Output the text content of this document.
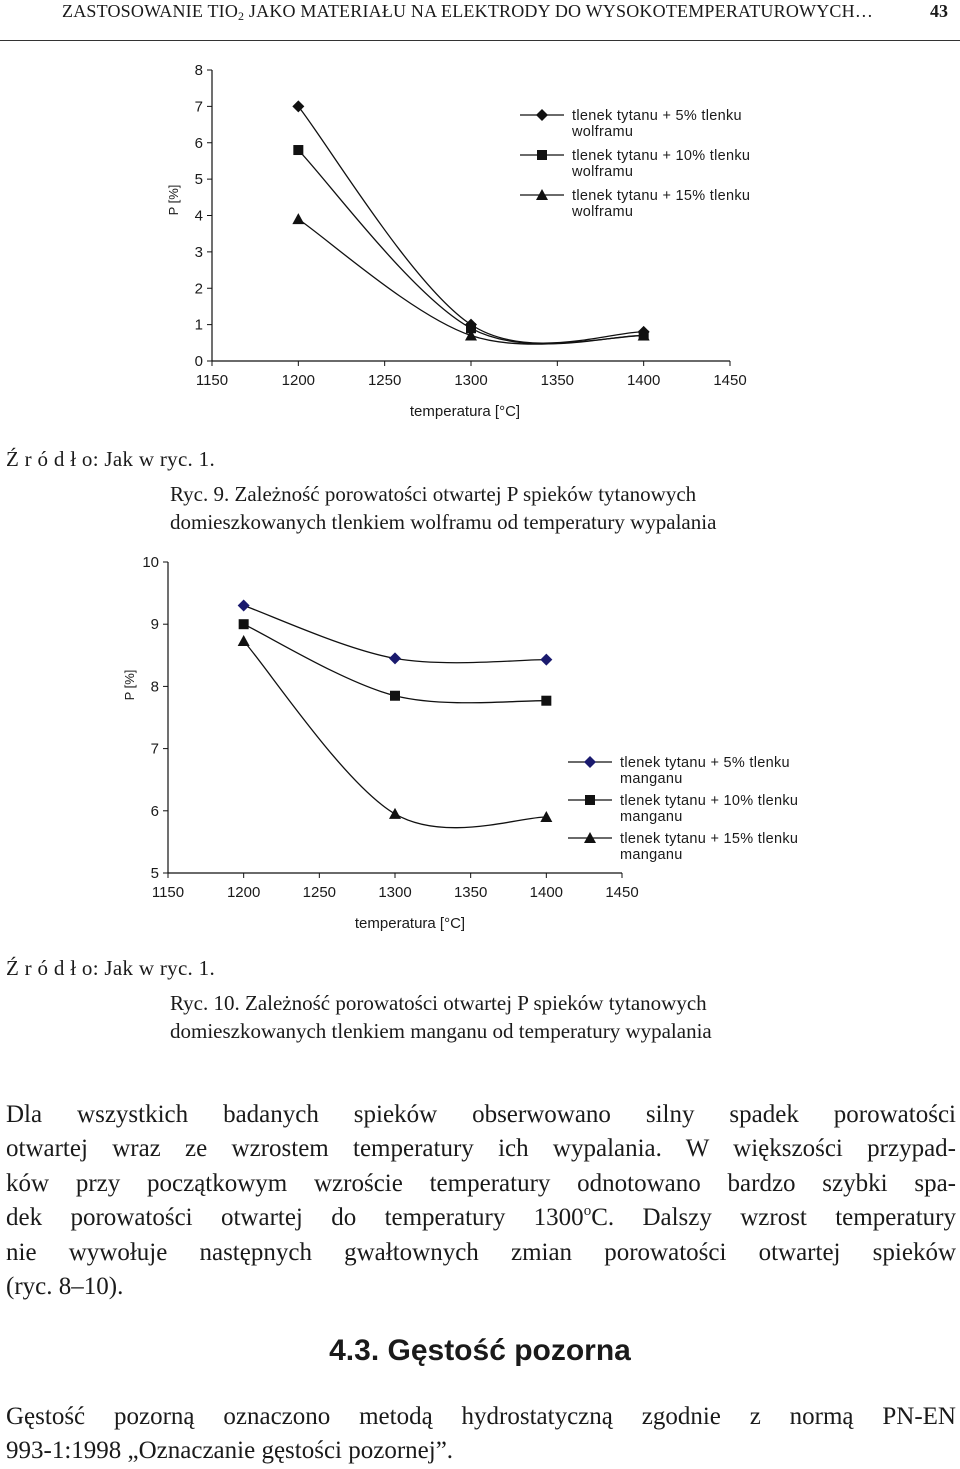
ZASTOSOWANIE $TIO_2$ JAKO MATERIAŁU NA ELEKTRODY DO WYSOKOTEMPERATUROWYCH…	43
0
1
2
3
4
5
6
7
8
1150	1200	1250	1300	1350	1400	1450
temperatura [°C]
P [%]
tlenek tytanu + 5% tlenku
wolframu
tlenek tytanu + 10% tlenku
wolframu
tlenek tytanu + 15% tlenku
wolframu
Ź r ó d ł o: Jak w ryc. 1.
Ryc. 9. Zależność porowatości otwartej P spieków tytanowych
domieszkowanych tlenkiem wolframu od temperatury wypalania
5
6
7
8
9
10
1150	1200	1250	1300	1350	1400	1450
temperatura [°C]
P [%]
tlenek tytanu + 5% tlenku
manganu
tlenek tytanu + 10% tlenku
manganu
tlenek tytanu + 15% tlenku
manganu
Ź r ó d ł o: Jak w ryc. 1.
Ryc. 10. Zależność porowatości otwartej P spieków tytanowych
domieszkowanych tlenkiem manganu od temperatury wypalania
Dla wszystkich badanych spieków obserwowano silny spadek porowatości
otwartej wraz ze wzrostem temperatury ich wypalania. W większości przypad-
ków przy początkowym wzroście temperatury odnotowano bardzo szybki spa-
dek porowatości otwartej do temperatury 1300$^o$C. Dalszy wzrost temperatury
nie wywołuje następnych gwałtownych zmian porowatości otwartej spieków
(ryc. 8–10).
4.3. Gęstość pozorna
Gęstość pozorną oznaczono metodą hydrostatyczną zgodnie z normą PN-EN
993-1:1998 „Oznaczanie gęstości pozornej”.
